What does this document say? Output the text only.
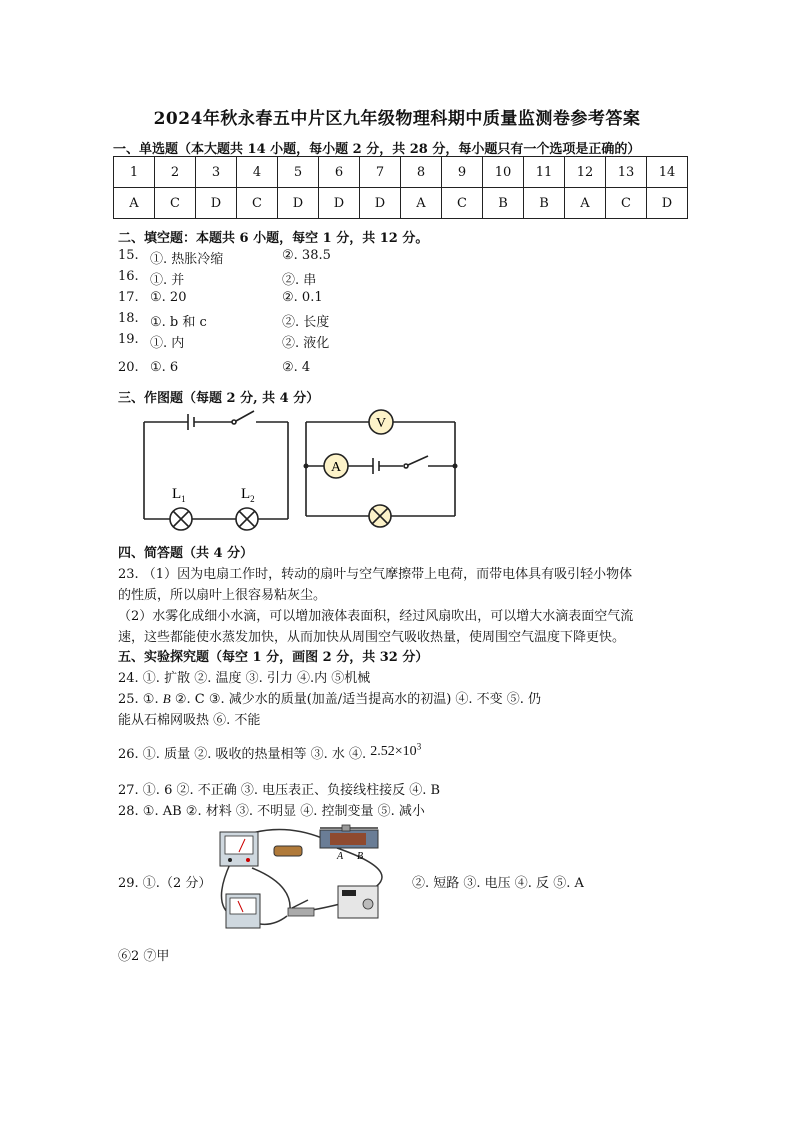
2024年秋永春五中片区九年级物理科期中质量监测卷参考答案
一、单选题（本大题共 14 小题，每小题 2 分，共 28 分，每小题只有一个选项是正确的）
1	2	3	4	5	6	7	8	9	10	11	12	13	14
A	C	D	C	D	D	D	A	C	B	B	A	C	D
二、填空题：本题共 6 小题，每空 1 分，共 12 分。
15. ①. 热胀冷缩	②. 38.5
16. ①. 并	②. 串
17. ①. 20	②. 0.1
18. ①. b 和 c	②. 长度
19. ①. 内	②. 液化
20. ①. 6	②. 4
三、作图题（每题 2 分, 共 4 分）
$L_1$	$L_2$
V
A
四、简答题（共 4 分）
23. （1）因为电扇工作时，转动的扇叶与空气摩擦带上电荷，而带电体具有吸引轻小物体
的性质，所以扇叶上很容易粘灰尘。
（2）水雾化成细小水滴，可以增加液体表面积，经过风扇吹出，可以增大水滴表面空气流
速，这些都能使水蒸发加快，从而加快从周围空气吸收热量，使周围空气温度下降更快。
五、实验探究题（每空 1 分，画图 2 分，共 32 分）
24. ①. 扩散 ②. 温度 ③. 引力 ④.内 ⑤机械
25. ①. B ②. C ③. 减少水的质量(加盖/适当提高水的初温) ④. 不变 ⑤. 仍
能从石棉网吸热 ⑥. 不能
26. ①. 质量 ②. 吸收的热量相等 ③. 水 ④. $2.52\times 10^3$
27. ①. 6 ②. 不正确 ③. 电压表正、负接线柱接反 ④. B
28. ①. AB ②. 材料 ③. 不明显 ④. 控制变量 ⑤. 减小
A B
29. ①.（2 分）	②. 短路 ③. 电压 ④. 反 ⑤. A
⑥2 ⑦甲
